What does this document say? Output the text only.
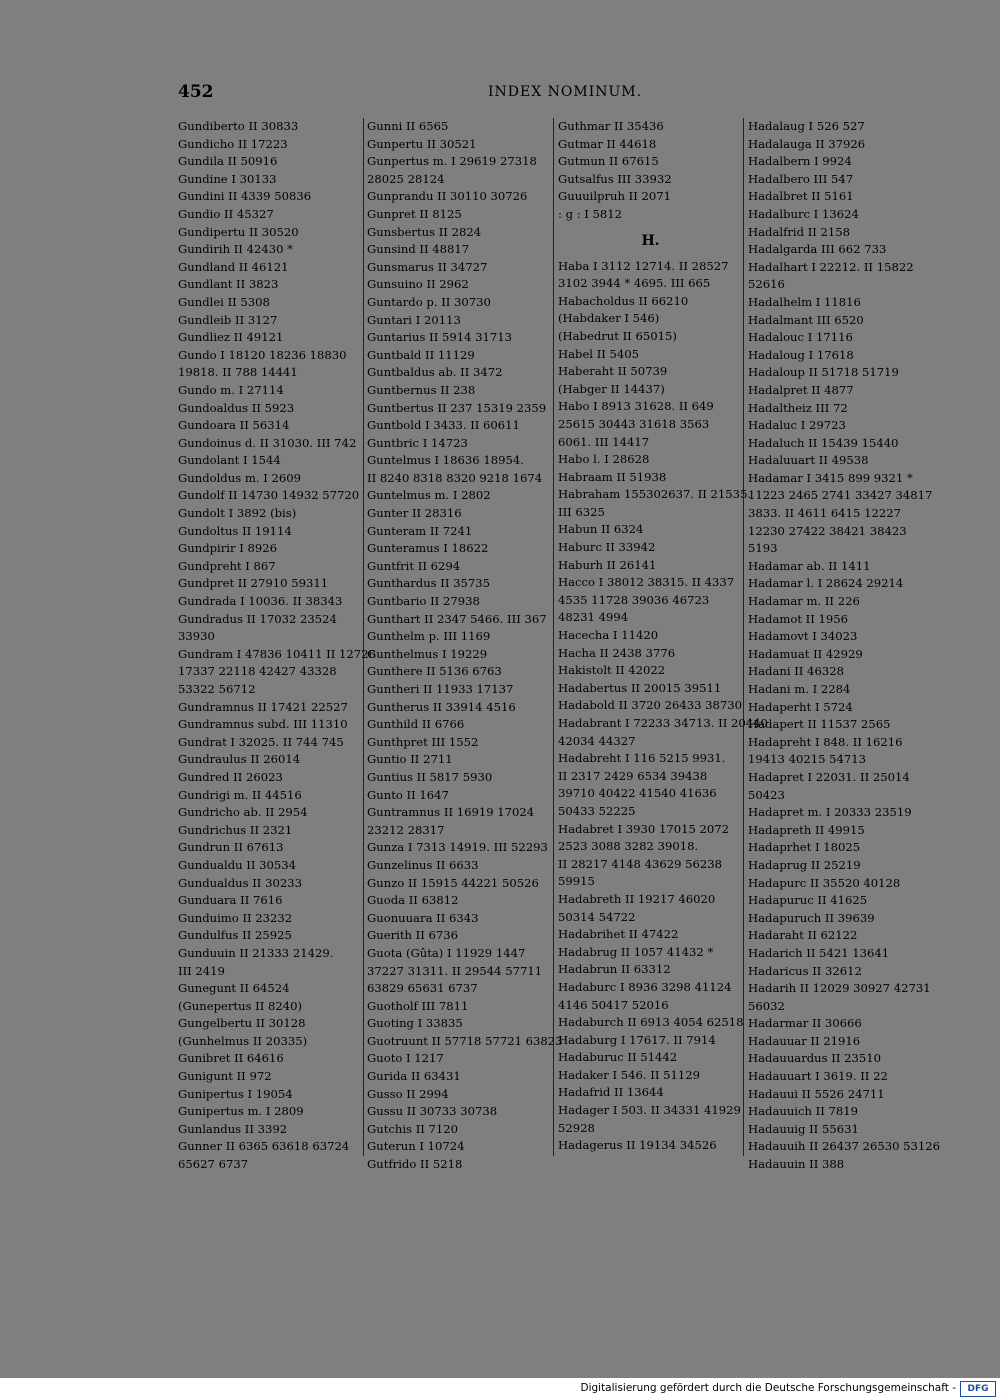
452	INDEX NOMINUM.
Gundiberto II 30833
Gundicho II 17223
Gundila II 50916
Gundine I 30133
Gundini II 4339 50836
Gundio II 45327
Gundipertu II 30520
Gundirih II 42430 *
Gundland II 46121
Gundlant II 3823
Gundlei II 5308
Gundleib II 3127
Gundliez II 49121
Gundo I 18120 18236 18830
19818. II 788 14441
Gundo m. I 27114
Gundoaldus II 5923
Gundoara II 56314
Gundoinus d. II 31030. III 742
Gundolant I 1544
Gundoldus m. I 2609
Gundolf II 14730 14932 57720
Gundolt I 3892 (bis)
Gundoltus II 19114
Gundpirir I 8926
Gundpreht I 867
Gundpret II 27910 59311
Gundrada I 10036. II 38343
Gundradus II 17032 23524
33930
Gundram I 47836 10411 II 12726
17337 22118 42427 43328
53322 56712
Gundramnus II 17421 22527
Gundramnus subd. III 11310
Gundrat I 32025. II 744 745
Gundraulus II 26014
Gundred II 26023
Gundrigi m. II 44516
Gundricho ab. II 2954
Gundrichus II 2321
Gundrun II 67613
Gundualdu II 30534
Gundualdus II 30233
Gunduara II 7616
Gunduimo II 23232
Gundulfus II 25925
Gunduuin II 21333 21429.
III 2419
Gunegunt II 64524
(Gunepertus II 8240)
Gungelbertu II 30128
(Gunhelmus II 20335)
Gunibret II 64616
Gunigunt II 972
Gunipertus I 19054
Gunipertus m. I 2809
Gunlandus II 3392
Gunner II 6365 63618 63724
65627 6737
Gunni II 6565
Gunpertu II 30521
Gunpertus m. I 29619 27318
28025 28124
Gunprandu II 30110 30726
Gunpret II 8125
Gunsbertus II 2824
Gunsind II 48817
Gunsmarus II 34727
Gunsuino II 2962
Guntardo p. II 30730
Guntari I 20113
Guntarius II 5914 31713
Guntbald II 11129
Guntbaldus ab. II 3472
Guntbernus II 238
Guntbertus II 237 15319 2359
Guntbold I 3433. II 60611
Guntbric I 14723
Guntelmus I 18636 18954.
II 8240 8318 8320 9218 1674
Guntelmus m. I 2802
Gunter II 28316
Gunteram II 7241
Gunteramus I 18622
Guntfrit II 6294
Gunthardus II 35735
Guntbario II 27938
Gunthart II 2347 5466. III 367
Gunthelm p. III 1169
Gunthelmus I 19229
Gunthere II 5136 6763
Guntheri II 11933 17137
Guntherus II 33914 4516
Gunthild II 6766
Gunthpret III 1552
Guntio II 2711
Guntius II 5817 5930
Gunto II 1647
Guntramnus II 16919 17024
23212 28317
Gunza I 7313 14919. III 52293
Gunzelinus II 6633
Gunzo II 15915 44221 50526
Guoda II 63812
Guonuuara II 6343
Guerith II 6736
Guota (Gûta) I 11929 1447
37227 31311. II 29544 57711
63829 65631 6737
Guotholf III 7811
Guoting I 33835
Guotruunt II 57718 57721 63823
Guoto I 1217
Gurida II 63431
Gusso II 2994
Gussu II 30733 30738
Gutchis II 7120
Guterun I 10724
Gutfrido II 5218
Guthmar II 35436
Gutmar II 44618
Gutmun II 67615
Gutsalfus III 33932
Guuuilpruh II 2071
: g : I 5812
H.
Haba I 3112 12714. II 28527
3102 3944 * 4695. III 665
Habacholdus II 66210
(Habdaker I 546)
(Habedrut II 65015)
Habel II 5405
Haberaht II 50739
(Habger II 14437)
Habo I 8913 31628. II 649
25615 30443 31618 3563
6061. III 14417
Habo l. I 28628
Habraam II 51938
Habraham 155302637. II 21535.
III 6325
Habun II 6324
Haburc II 33942
Haburh II 26141
Hacco I 38012 38315. II 4337
4535 11728 39036 46723
48231 4994
Hacecha I 11420
Hacha II 2438 3776
Hakistolt II 42022
Hadabertus II 20015 39511
Hadabold II 3720 26433 38730
Hadabrant I 72233 34713. II 20440
42034 44327
Hadabreht I 116 5215 9931.
II 2317 2429 6534 39438
39710 40422 41540 41636
50433 52225
Hadabret I 3930 17015 2072
2523 3088 3282 39018.
II 28217 4148 43629 56238
59915
Hadabreth II 19217 46020
50314 54722
Hadabrihet II 47422
Hadabrug II 1057 41432 *
Hadabrun II 63312
Hadaburc I 8936 3298 41124
4146 50417 52016
Hadaburch II 6913 4054 62518
Hadaburg I 17617. II 7914
Hadaburuc II 51442
Hadaker I 546. II 51129
Hadafrid II 13644
Hadager I 503. II 34331 41929
52928
Hadagerus II 19134 34526
Hadalaug I 526 527
Hadalauga II 37926
Hadalbern I 9924
Hadalbero III 547
Hadalbret II 5161
Hadalburc I 13624
Hadalfrid II 2158
Hadalgarda III 662 733
Hadalhart I 22212. II 15822
52616
Hadalhelm I 11816
Hadalmant III 6520
Hadalouc I 17116
Hadaloug I 17618
Hadaloup II 51718 51719
Hadalpret II 4877
Hadaltheiz III 72
Hadaluc I 29723
Hadaluch II 15439 15440
Hadaluuart II 49538
Hadamar I 3415 899 9321 *
11223 2465 2741 33427 34817
3833. II 4611 6415 12227
12230 27422 38421 38423
5193
Hadamar ab. II 1411
Hadamar l. I 28624 29214
Hadamar m. II 226
Hadamot II 1956
Hadamovt I 34023
Hadamuat II 42929
Hadani II 46328
Hadani m. I 2284
Hadaperht I 5724
Hadapert II 11537 2565
Hadapreht I 848. II 16216
19413 40215 54713
Hadapret I 22031. II 25014
50423
Hadapret m. I 20333 23519
Hadapreth II 49915
Hadaprhet I 18025
Hadaprug II 25219
Hadapurc II 35520 40128
Hadapuruc II 41625
Hadapuruch II 39639
Hadaraht II 62122
Hadarich II 5421 13641
Hadaricus II 32612
Hadarih II 12029 30927 42731
56032
Hadarmar II 30666
Hadauuar II 21916
Hadauuardus II 23510
Hadauuart I 3619. II 22
Hadauui II 5526 24711
Hadauuich II 7819
Hadauuig II 55631
Hadauuih II 26437 26530 53126
Hadauuin II 388
Digitalisierung gefördert durch die Deutsche Forschungsgemeinschaft -	DFG
